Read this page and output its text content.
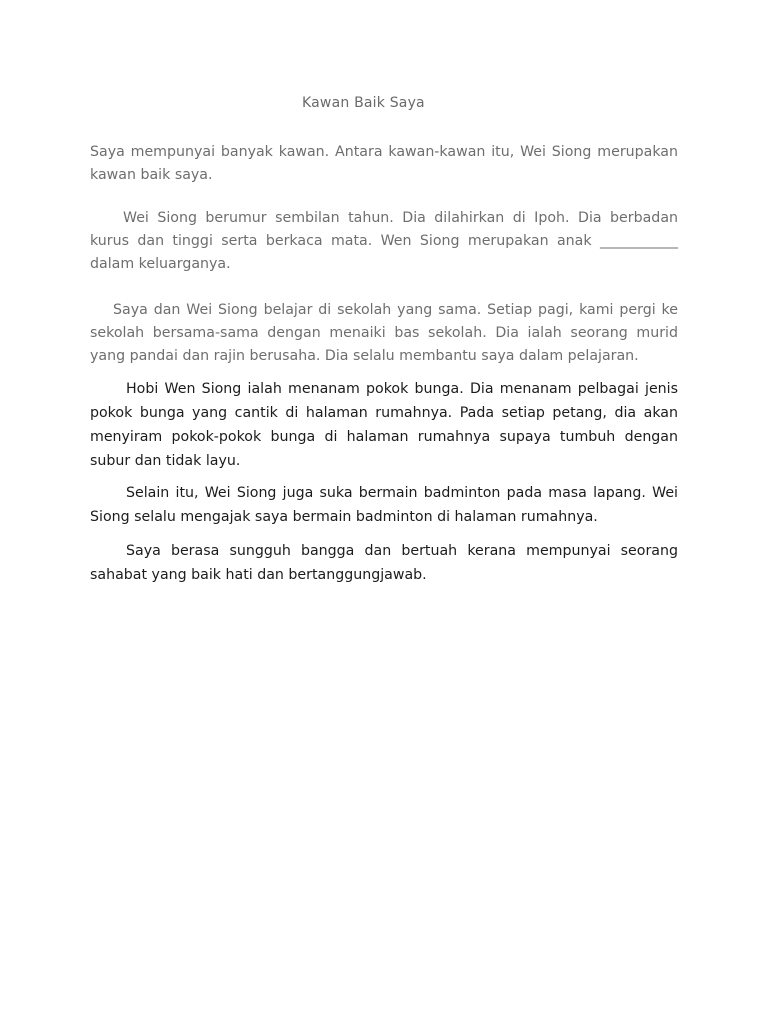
Kawan Baik Saya

Saya mempunyai banyak kawan. Antara kawan-kawan itu, Wei Siong merupakan kawan baik saya.

Wei Siong berumur sembilan tahun. Dia dilahirkan di Ipoh. Dia berbadan kurus dan tinggi serta berkaca mata. Wen Siong merupakan anak ___________ dalam keluarganya.

Saya dan Wei Siong belajar di sekolah yang sama. Setiap pagi, kami pergi ke sekolah bersama-sama dengan menaiki bas sekolah. Dia ialah seorang murid yang pandai dan rajin berusaha. Dia selalu membantu saya dalam pelajaran.

Hobi Wen Siong ialah menanam pokok bunga. Dia menanam pelbagai jenis pokok bunga yang cantik di halaman rumahnya. Pada setiap petang, dia akan menyiram pokok-pokok bunga di halaman rumahnya supaya tumbuh dengan subur dan tidak layu.

Selain itu, Wei Siong juga suka bermain badminton pada masa lapang. Wei Siong selalu mengajak saya bermain badminton di halaman rumahnya.

Saya berasa sungguh bangga dan bertuah kerana mempunyai seorang sahabat yang baik hati dan bertanggungjawab.
